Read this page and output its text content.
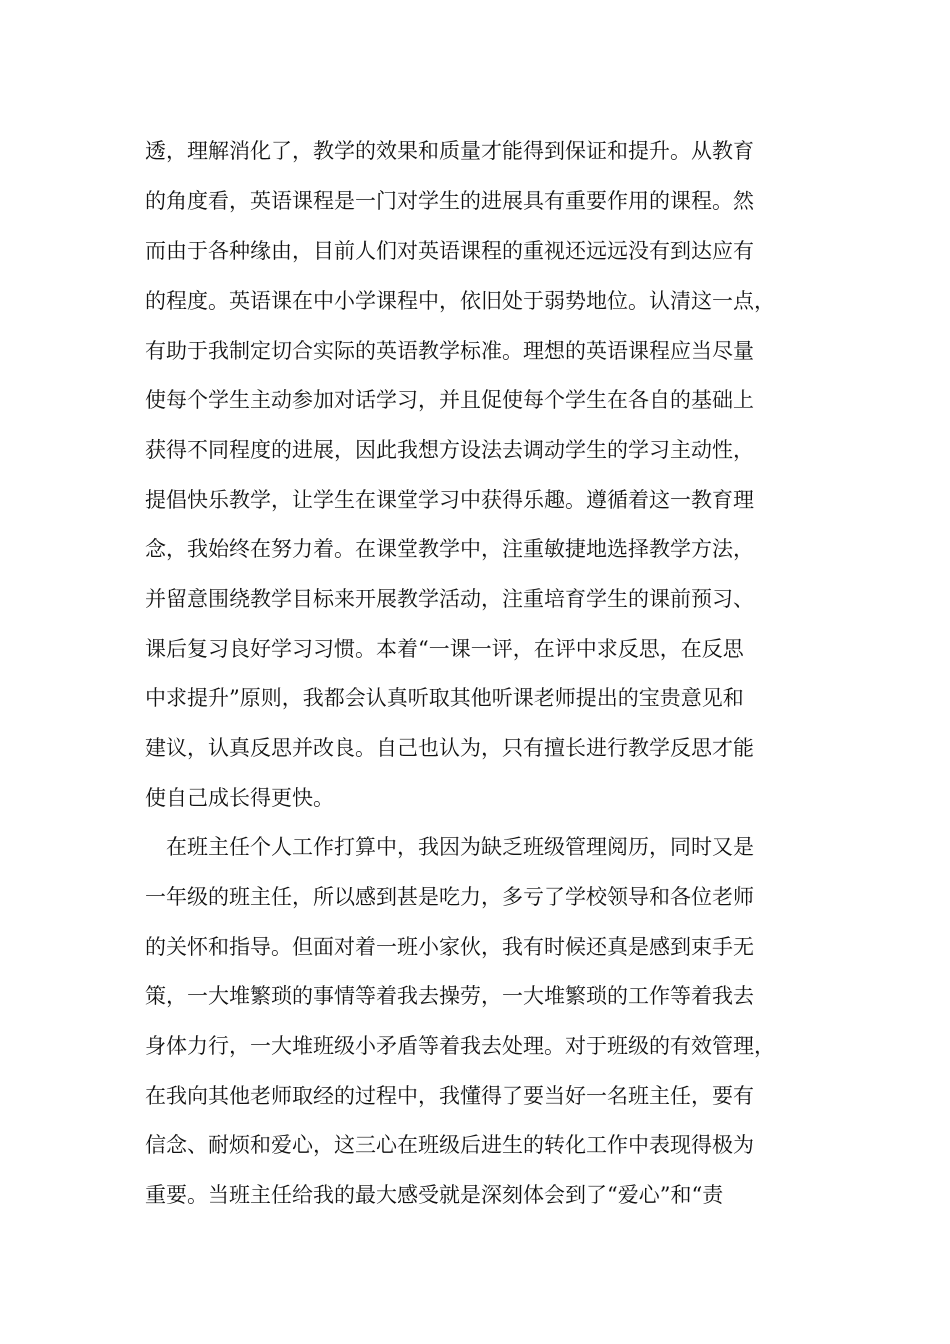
透，理解消化了，教学的效果和质量才能得到保证和提升。从教育
的角度看，英语课程是一门对学生的进展具有重要作用的课程。然
而由于各种缘由，目前人们对英语课程的重视还远远没有到达应有
的程度。英语课在中小学课程中，依旧处于弱势地位。认清这一点，
有助于我制定切合实际的英语教学标准。理想的英语课程应当尽量
使每个学生主动参加对话学习，并且促使每个学生在各自的基础上
获得不同程度的进展，因此我想方设法去调动学生的学习主动性，
提倡快乐教学，让学生在课堂学习中获得乐趣。遵循着这一教育理
念，我始终在努力着。在课堂教学中，注重敏捷地选择教学方法，
并留意围绕教学目标来开展教学活动，注重培育学生的课前预习、
课后复习良好学习习惯。本着“一课一评，在评中求反思，在反思
中求提升”原则，我都会认真听取其他听课老师提出的宝贵意见和
建议，认真反思并改良。自己也认为，只有擅长进行教学反思才能
使自己成长得更快。
在班主任个人工作打算中，我因为缺乏班级管理阅历，同时又是
一年级的班主任，所以感到甚是吃力，多亏了学校领导和各位老师
的关怀和指导。但面对着一班小家伙，我有时候还真是感到束手无
策，一大堆繁琐的事情等着我去操劳，一大堆繁琐的工作等着我去
身体力行，一大堆班级小矛盾等着我去处理。对于班级的有效管理，
在我向其他老师取经的过程中，我懂得了要当好一名班主任，要有
信念、耐烦和爱心，这三心在班级后进生的转化工作中表现得极为
重要。当班主任给我的最大感受就是深刻体会到了“爱心”和“责
